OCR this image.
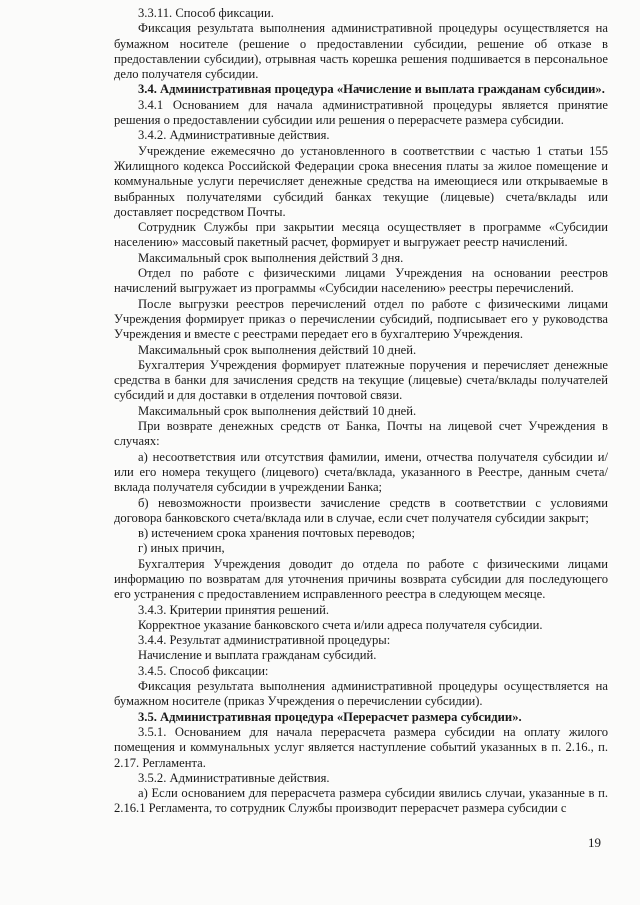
3.3.11. Способ фиксации.

Фиксация результата выполнения административной процедуры осуществляется на бумажном носителе (решение о предоставлении субсидии, решение об отказе в предоставлении субсидии), отрывная часть корешка решения подшивается в персональное дело получателя субсидии.

3.4. Административная процедура «Начисление и выплата гражданам субсидии».

3.4.1 Основанием для начала административной процедуры является принятие решения о предоставлении субсидии или решения о перерасчете размера субсидии.

3.4.2. Административные действия.

Учреждение ежемесячно до установленного в соответствии с частью 1 статьи 155 Жилищного кодекса Российской Федерации срока внесения платы за жилое помещение и коммунальные услуги перечисляет денежные средства на имеющиеся или открываемые в выбранных получателями субсидий банках текущие (лицевые) счета/вклады или доставляет посредством Почты.

Сотрудник Службы при закрытии месяца осуществляет в программе «Субсидии населению» массовый пакетный расчет, формирует и выгружает реестр начислений.

Максимальный срок выполнения действий 3 дня.

Отдел по работе с физическими лицами Учреждения на основании реестров начислений выгружает из программы «Субсидии населению» реестры перечислений.

После выгрузки реестров перечислений отдел по работе с физическими лицами Учреждения формирует приказ о перечислении субсидий, подписывает его у руководства Учреждения и вместе с реестрами передает его в бухгалтерию Учреждения.

Максимальный срок выполнения действий 10 дней.

Бухгалтерия Учреждения формирует платежные поручения и перечисляет денежные средства в банки для зачисления средств на текущие (лицевые) счета/вклады получателей субсидий и для доставки в отделения почтовой связи.

Максимальный срок выполнения действий 10 дней.

При возврате денежных средств от Банка, Почты на лицевой счет Учреждения в случаях:

а) несоответствия или отсутствия фамилии, имени, отчества получателя субсидии и/или его номера текущего (лицевого) счета/вклада, указанного в Реестре, данным счета/вклада получателя субсидии в учреждении Банка;

б) невозможности произвести зачисление средств в соответствии с условиями договора банковского счета/вклада или в случае, если счет получателя субсидии закрыт;

в) истечением срока хранения почтовых переводов;

г) иных причин,

Бухгалтерия Учреждения доводит до отдела по работе с физическими лицами информацию по возвратам для уточнения причины возврата субсидии для последующего его устранения с предоставлением исправленного реестра в следующем месяце.

3.4.3. Критерии принятия решений.

Корректное указание банковского счета и/или адреса получателя субсидии.

3.4.4. Результат административной процедуры:

Начисление и выплата гражданам субсидий.

3.4.5. Способ фиксации:

Фиксация результата выполнения административной процедуры осуществляется на бумажном носителе (приказ Учреждения о перечислении субсидии).

3.5. Административная процедура «Перерасчет размера субсидии».

3.5.1. Основанием для начала перерасчета размера субсидии на оплату жилого помещения и коммунальных услуг является наступление событий указанных в п. 2.16., п. 2.17. Регламента.

3.5.2. Административные действия.

а) Если основанием для перерасчета размера субсидии явились случаи, указанные в п. 2.16.1 Регламента, то сотрудник Службы производит перерасчет размера субсидии с

19
